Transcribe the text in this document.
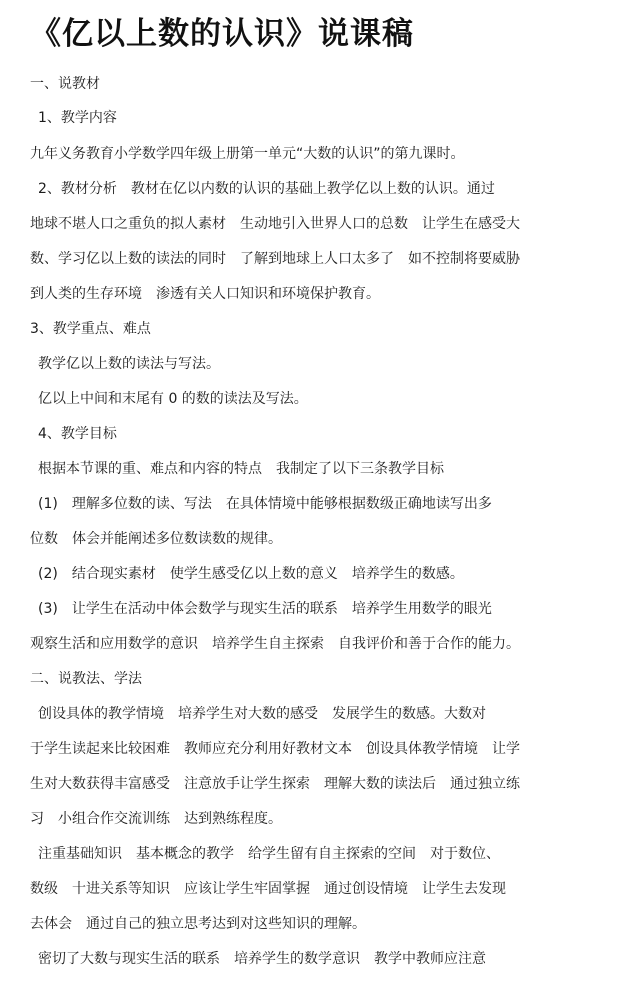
《亿以上数的认识》说课稿
一、说教材
1、教学内容
九年义务教育小学数学四年级上册第一单元“大数的认识”的第九课时。
2、教材分析　教材在亿以内数的认识的基础上教学亿以上数的认识。通过
地球不堪人口之重负的拟人素材　生动地引入世界人口的总数　让学生在感受大
数、学习亿以上数的读法的同时　了解到地球上人口太多了　如不控制将要威胁
到人类的生存环境　渗透有关人口知识和环境保护教育。
3、教学重点、难点
教学亿以上数的读法与写法。
亿以上中间和末尾有 0 的数的读法及写法。
4、教学目标
根据本节课的重、难点和内容的特点　我制定了以下三条教学目标
(1)　理解多位数的读、写法　在具体情境中能够根据数级正确地读写出多
位数　体会并能阐述多位数读数的规律。
(2)　结合现实素材　使学生感受亿以上数的意义　培养学生的数感。
(3)　让学生在活动中体会数学与现实生活的联系　培养学生用数学的眼光
观察生活和应用数学的意识　培养学生自主探索　自我评价和善于合作的能力。
二、说教法、学法
创设具体的教学情境　培养学生对大数的感受　发展学生的数感。大数对
于学生读起来比较困难　教师应充分利用好教材文本　创设具体教学情境　让学
生对大数获得丰富感受　注意放手让学生探索　理解大数的读法后　通过独立练
习　小组合作交流训练　达到熟练程度。
注重基础知识　基本概念的教学　给学生留有自主探索的空间　对于数位、
数级　十进关系等知识　应该让学生牢固掌握　通过创设情境　让学生去发现
去体会　通过自己的独立思考达到对这些知识的理解。
密切了大数与现实生活的联系　培养学生的数学意识　教学中教师应注意
